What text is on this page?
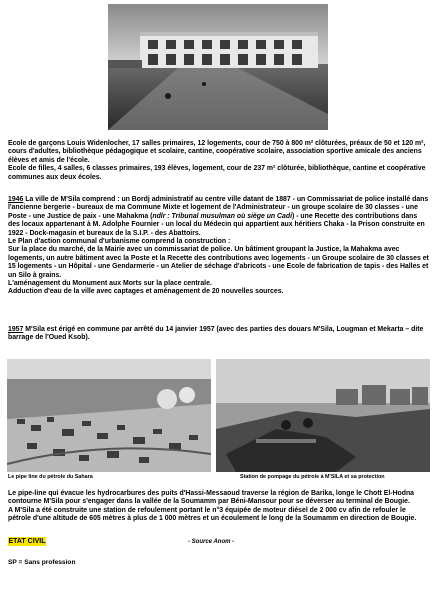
Ecole de garçons Louis Widenlocher, 17 salles primaires, 12 logements, cour de 750 à 800 m² clôturées, préaux de 50 et 120 m², cours d'adultes, bibliothèque pédagogique et scolaire, cantine, coopérative scolaire, association sportive amicale des anciens élèves et amis de l'école.

Ecole de filles, 4 salles, 6 classes primaires, 193 élèves, logement, cour de 237 m² clôturée, bibliothèque, cantine et coopérative communes aux deux écoles.

1946 La ville de M'Sila comprend : un Bordj administratif au centre ville datant de 1887 - un Commissariat de police installé dans l'ancienne bergerie - bureaux de ma Commune Mixte et logement de l'Administrateur - un groupe scolaire de 30 classes - une Poste - une Justice de paix - une Mahakma (ndlr : Tribunal musulman où siège un Cadi) - une Recette des contributions dans des locaux appartenant à M. Adolphe Fournier - un local du Médecin qui appartient aux héritiers Chaka - la Prison construite en 1922 - Dock-magasin et bureaux de la S.I.P. - des Abattoirs.

Le Plan d'action communal d'urbanisme comprend la construction :

Sur la place du marché, de la Mairie avec un commissariat de police. Un bâtiment groupant la Justice, la Mahakma avec logements, un autre bâtiment avec la Poste et la Recette des contributions avec logements - un Groupe scolaire de 30 classes et 15 logements - un Hôpital - une Gendarmerie - un Atelier de séchage d'abricots - une Ecole de fabrication de tapis - des Halles et un Silo à grains.

L'aménagement du Monument aux Morts sur la place centrale.

Adduction d'eau de la ville avec captages et aménagement de 20 nouvelles sources.

1957 M'Sila est érigé en commune par arrêté du 14 janvier 1957 (avec des parties des douars M'Sila, Lougman et Mekarta – dite barrage de l'Oued Ksob).

Le pipe line du pétrole du Sahara	Station de pompage du pétrole à M'SILA et sa protection

Le pipe-line qui évacue les hydrocarbures des puits d'Hassi-Messaoud traverse la région de Barika, longe le Chott El-Hodna contourne M'Sila pour s'engager dans la vallée de la Soumamm par Béni-Mansour pour se déverser au terminal de Bougie.

A M'Sila a été construite une station de refoulement portant le n°3 équipée de moteur diésel de 2 000 cv afin de refouler le pétrole d'une altitude de 605 mètres à plus de 1 000 mètres et un écoulement le long de la Soumamm en direction de Bougie.

ETAT CIVIL	- Source Anom -
SP = Sans profession
